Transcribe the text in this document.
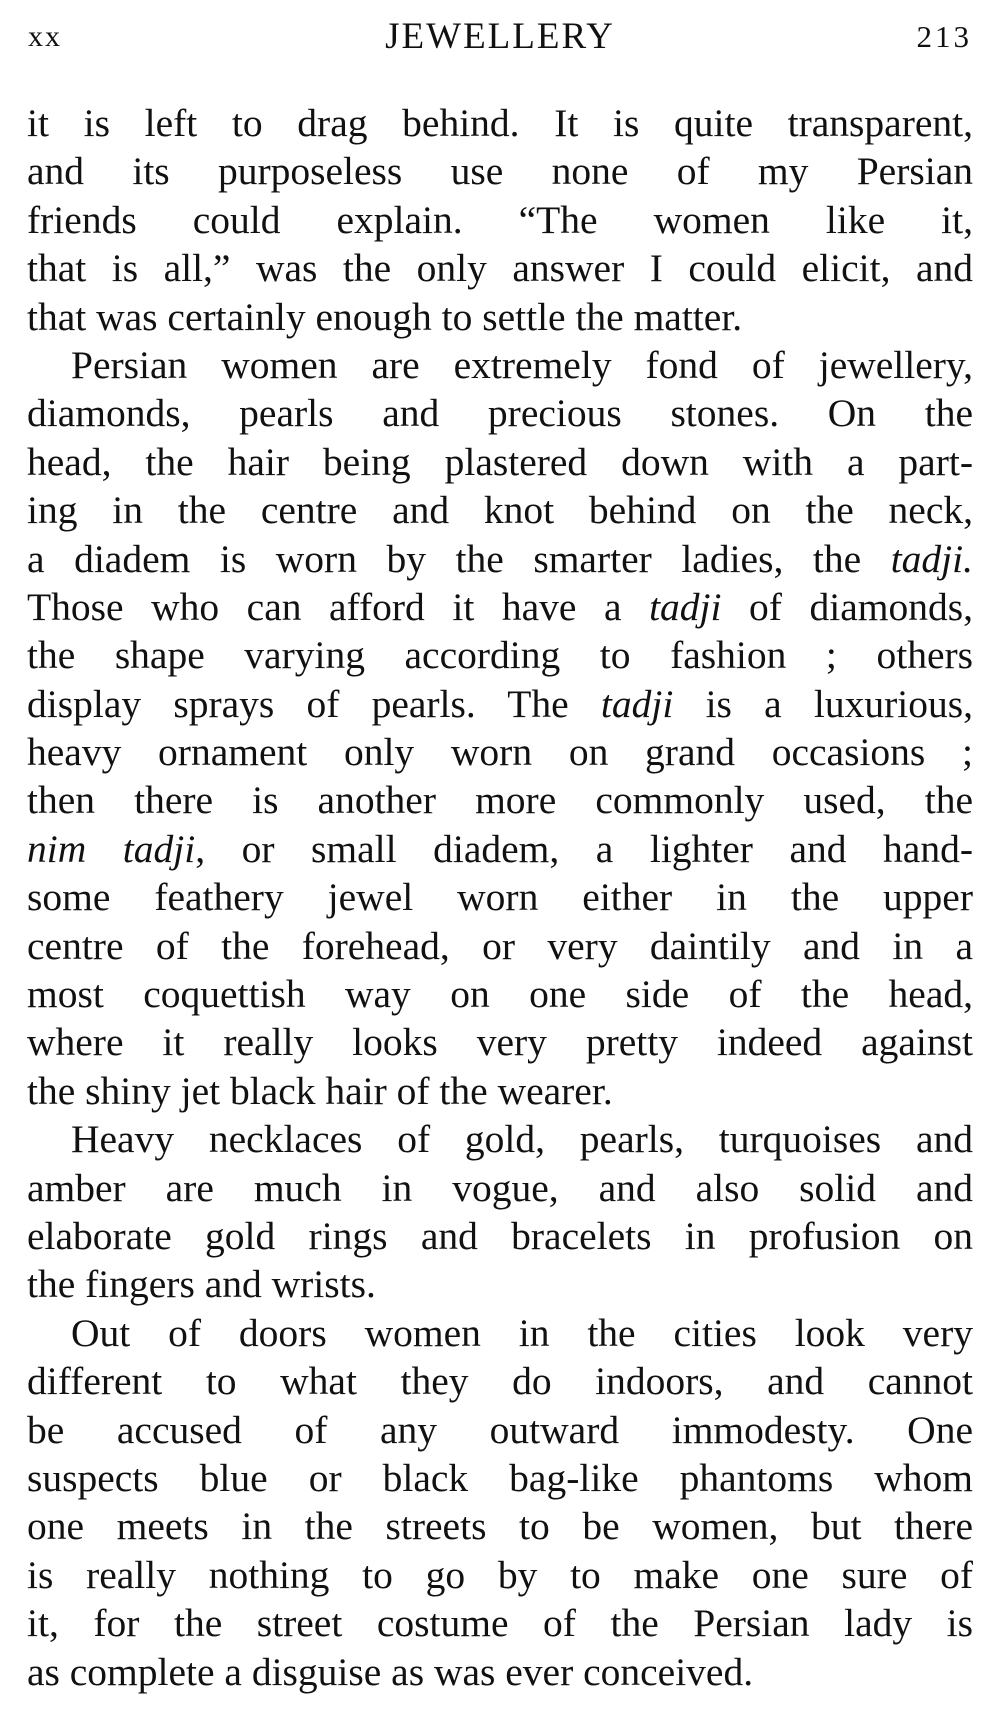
xx	JEWELLERY	213
it is left to drag behind. It is quite transparent,
and its purposeless use none of my Persian
friends could explain. “The women like it,
that is all,” was the only answer I could elicit, and
that was certainly enough to settle the matter.
Persian women are extremely fond of jewellery,
diamonds, pearls and precious stones. On the
head, the hair being plastered down with a part-
ing in the centre and knot behind on the neck,
a diadem is worn by the smarter ladies, the tadji.
Those who can afford it have a tadji of diamonds,
the shape varying according to fashion ; others
display sprays of pearls. The tadji is a luxurious,
heavy ornament only worn on grand occasions ;
then there is another more commonly used, the
nim tadji, or small diadem, a lighter and hand-
some feathery jewel worn either in the upper
centre of the forehead, or very daintily and in a
most coquettish way on one side of the head,
where it really looks very pretty indeed against
the shiny jet black hair of the wearer.
Heavy necklaces of gold, pearls, turquoises and
amber are much in vogue, and also solid and
elaborate gold rings and bracelets in profusion on
the fingers and wrists.
Out of doors women in the cities look very
different to what they do indoors, and cannot
be accused of any outward immodesty. One
suspects blue or black bag-like phantoms whom
one meets in the streets to be women, but there
is really nothing to go by to make one sure of
it, for the street costume of the Persian lady is
as complete a disguise as was ever conceived.
